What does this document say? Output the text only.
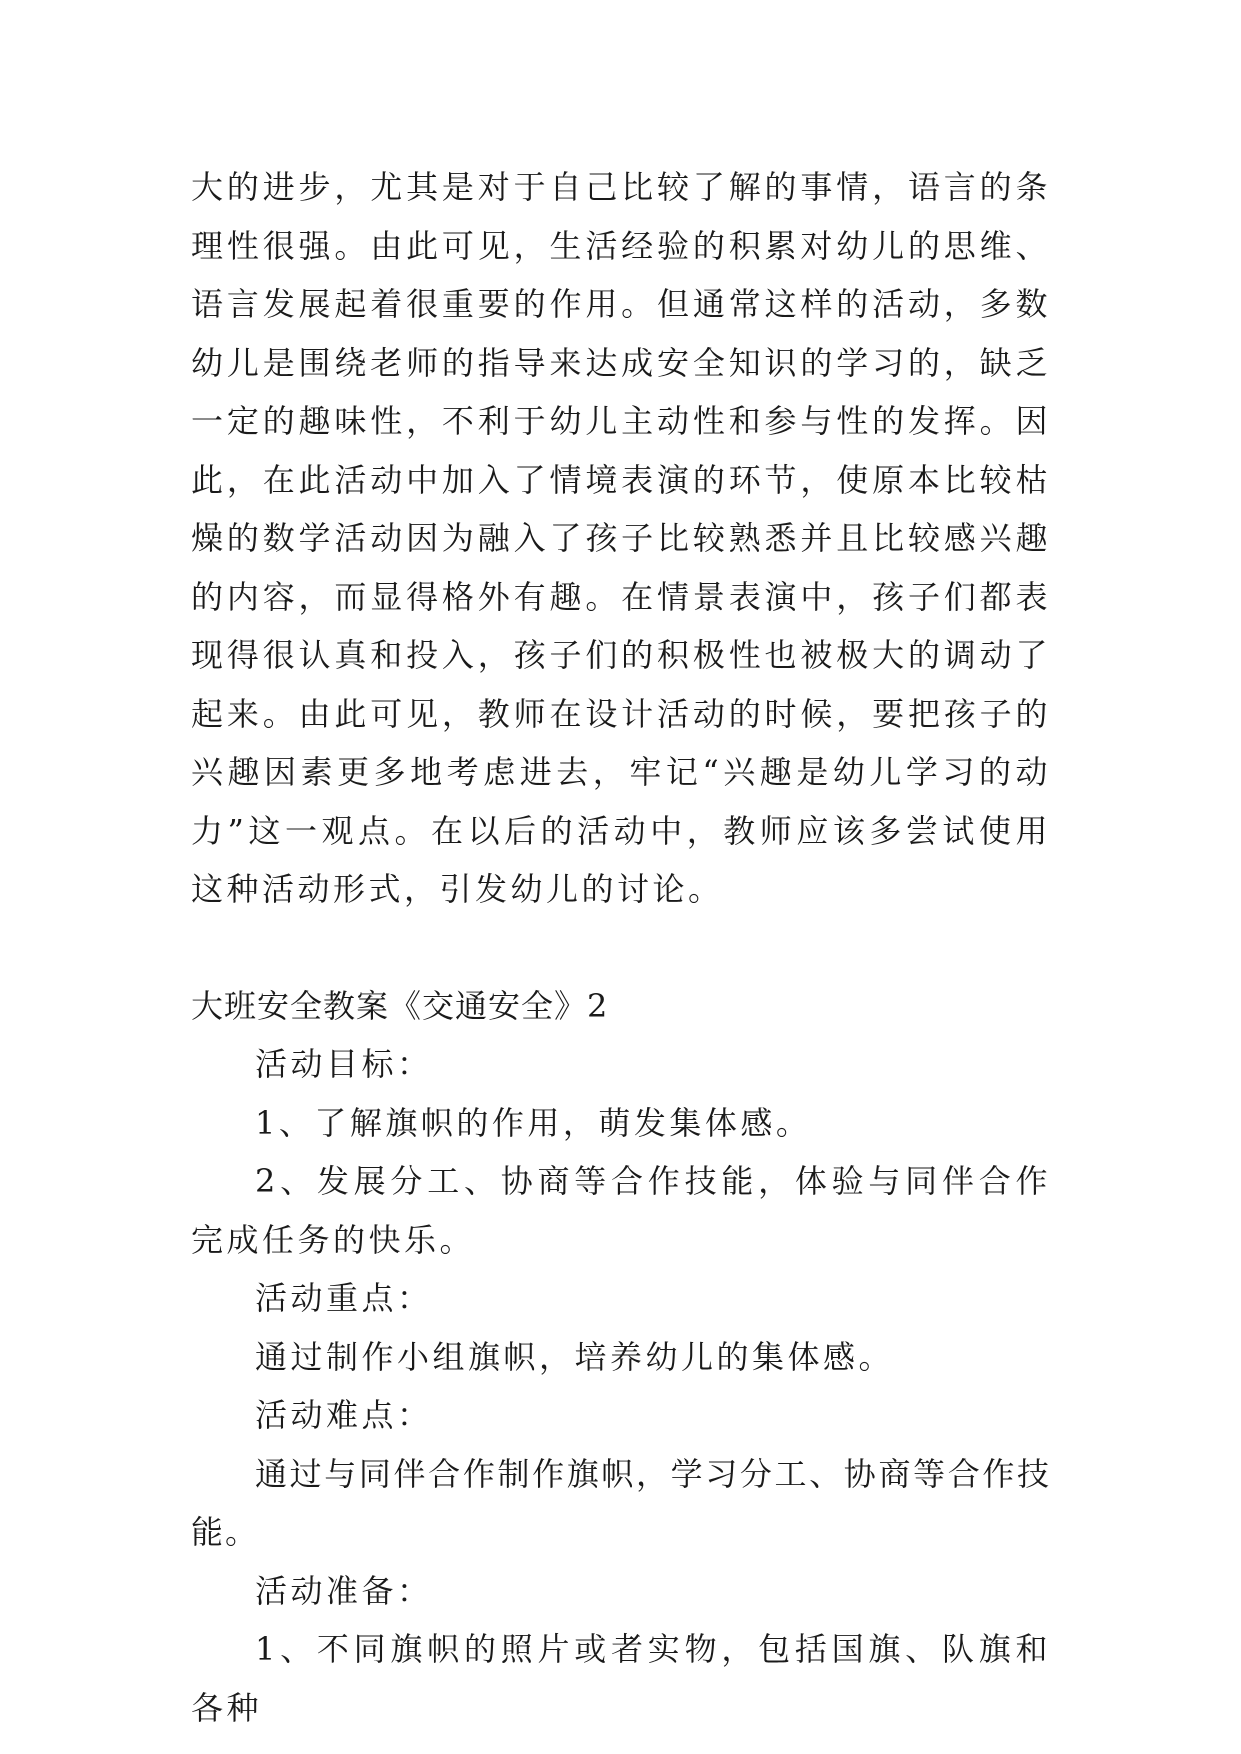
大的进步，尤其是对于自己比较了解的事情，语言的条理性很强。由此可见，生活经验的积累对幼儿的思维、语言发展起着很重要的作用。但通常这样的活动，多数幼儿是围绕老师的指导来达成安全知识的学习的，缺乏一定的趣味性，不利于幼儿主动性和参与性的发挥。因此，在此活动中加入了情境表演的环节，使原本比较枯燥的数学活动因为融入了孩子比较熟悉并且比较感兴趣的内容，而显得格外有趣。在情景表演中，孩子们都表现得很认真和投入，孩子们的积极性也被极大的调动了起来。由此可见，教师在设计活动的时候，要把孩子的兴趣因素更多地考虑进去，牢记“兴趣是幼儿学习的动力”这一观点。在以后的活动中，教师应该多尝试使用这种活动形式，引发幼儿的讨论。

大班安全教案《交通安全》2

活动目标：

1、了解旗帜的作用，萌发集体感。

2、发展分工、协商等合作技能，体验与同伴合作完成任务的快乐。

活动重点：

通过制作小组旗帜，培养幼儿的集体感。

活动难点：

通过与同伴合作制作旗帜，学习分工、协商等合作技能。

活动准备：

1、不同旗帜的照片或者实物，包括国旗、队旗和各种
